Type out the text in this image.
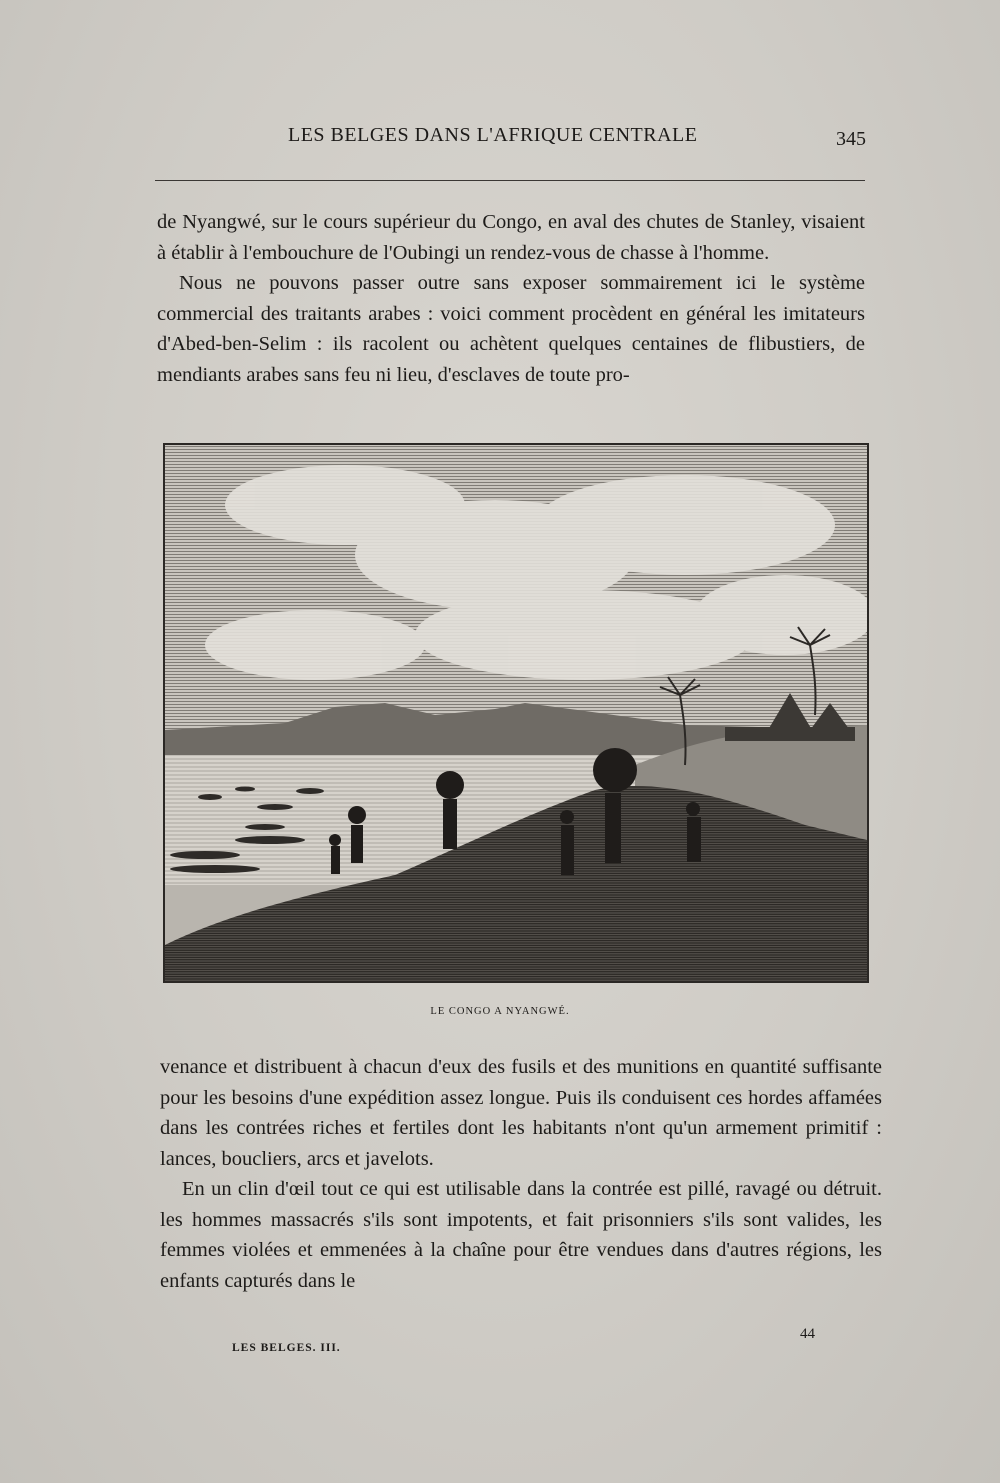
LES BELGES DANS L'AFRIQUE CENTRALE	345

de Nyangwé, sur le cours supérieur du Congo, en aval des chutes de Stanley, visaient à établir à l'embouchure de l'Oubingi un rendez-vous de chasse à l'homme.

Nous ne pouvons passer outre sans exposer sommairement ici le système commercial des traitants arabes : voici comment procèdent en général les imitateurs d'Abed-ben-Selim : ils racolent ou achètent quelques centaines de flibustiers, de mendiants arabes sans feu ni lieu, d'esclaves de toute pro-

LE CONGO A NYANGWÉ.

venance et distribuent à chacun d'eux des fusils et des munitions en quantité suffisante pour les besoins d'une expédition assez longue. Puis ils conduisent ces hordes affamées dans les contrées riches et fertiles dont les habitants n'ont qu'un armement primitif : lances, boucliers, arcs et javelots.

En un clin d'œil tout ce qui est utilisable dans la contrée est pillé, ravagé ou détruit. les hommes massacrés s'ils sont impotents, et fait prisonniers s'ils sont valides, les femmes violées et emmenées à la chaîne pour être vendues dans d'autres régions, les enfants capturés dans le

LES BELGES. III.
44
